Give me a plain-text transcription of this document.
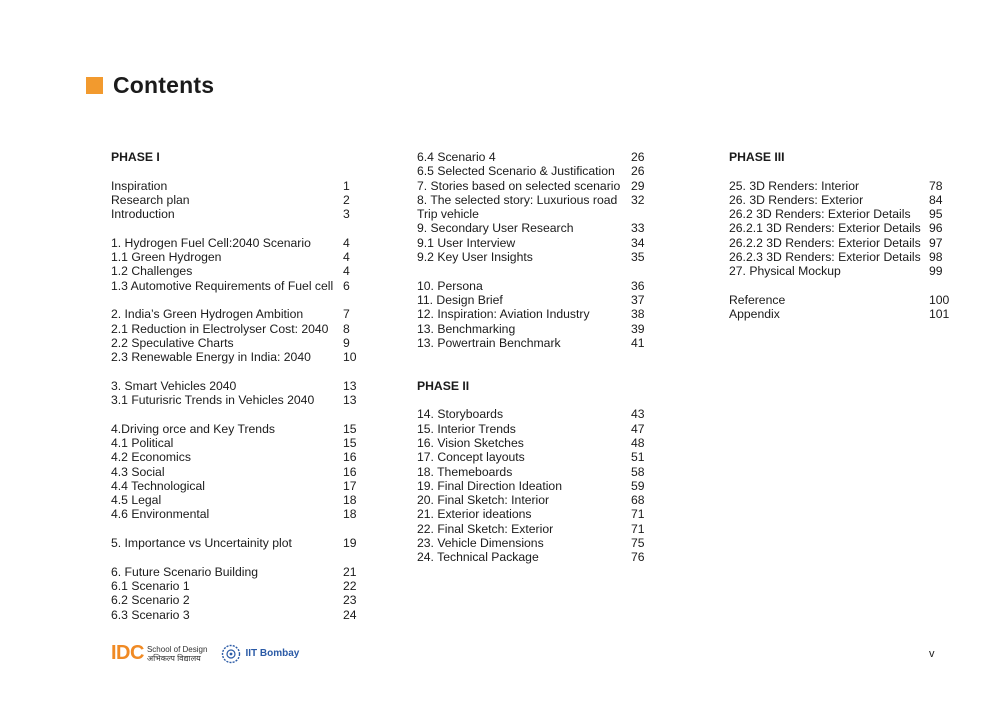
Contents
PHASE I
Inspiration	1
Research plan	2
Introduction	3
1. Hydrogen Fuel Cell:2040 Scenario	4
1.1 Green Hydrogen	4
1.2 Challenges	4
1.3 Automotive Requirements of Fuel cell 6
2. India’s Green Hydrogen Ambition	7
2.1 Reduction in Electrolyser Cost: 2040 8
2.2 Speculative Charts	9
2.3 Renewable Energy in India: 2040	10
3. Smart Vehicles 2040	13
3.1 Futurisric Trends in Vehicles 2040 13
4.Driving orce and Key Trends	15
4.1 Political	15
4.2 Economics	16
4.3 Social	16
4.4 Technological	17
4.5 Legal	18
4.6 Environmental	18
5. Importance vs Uncertainity plot	19
6. Future Scenario Building	21
6.1 Scenario 1	22
6.2 Scenario 2	23
6.3 Scenario 3	24
6.4 Scenario 4	26
6.5 Selected Scenario & Justification 26
7. Stories based on selected scenario 29
8. The selected story: Luxurious road 32
Trip vehicle
9. Secondary User Research	33
9.1 User Interview	34
9.2 Key User Insights	35
10. Persona	36
11. Design Brief	37
12. Inspiration: Aviation Industry	38
13. Benchmarking	39
13. Powertrain Benchmark	41
PHASE II
14. Storyboards	43
15. Interior Trends	47
16. Vision Sketches	48
17. Concept layouts	51
18. Themeboards	58
19. Final Direction Ideation	59
20. Final Sketch: Interior	68
21. Exterior ideations	71
22. Final Sketch: Exterior	71
23. Vehicle Dimensions	75
24. Technical Package	76
PHASE III
25. 3D Renders: Interior	78
26. 3D Renders: Exterior	84
26.2 3D Renders: Exterior Details 95
26.2.1 3D Renders: Exterior Details 96
26.2.2 3D Renders: Exterior Details 97
26.2.3 3D Renders: Exterior Details 98
27. Physical Mockup	99
Reference	100
Appendix	101
IDC School of Design
अभिकल्प विद्यालय	IIT Bombay	v
